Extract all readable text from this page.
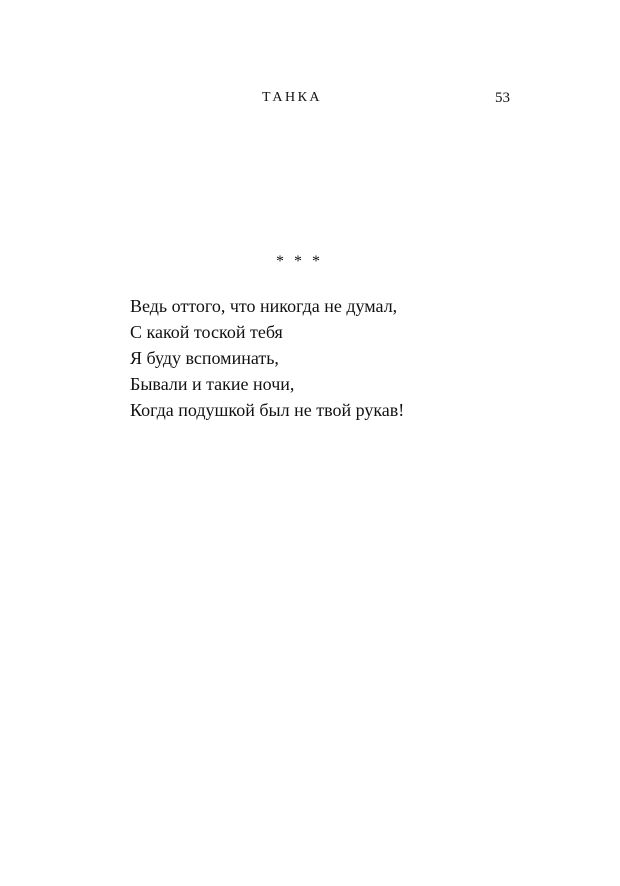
ТАНКА	53
* * *
Ведь оттого, что никогда не думал,
С какой тоской тебя
Я буду вспоминать,
Бывали и такие ночи,
Когда подушкой был не твой рукав!
